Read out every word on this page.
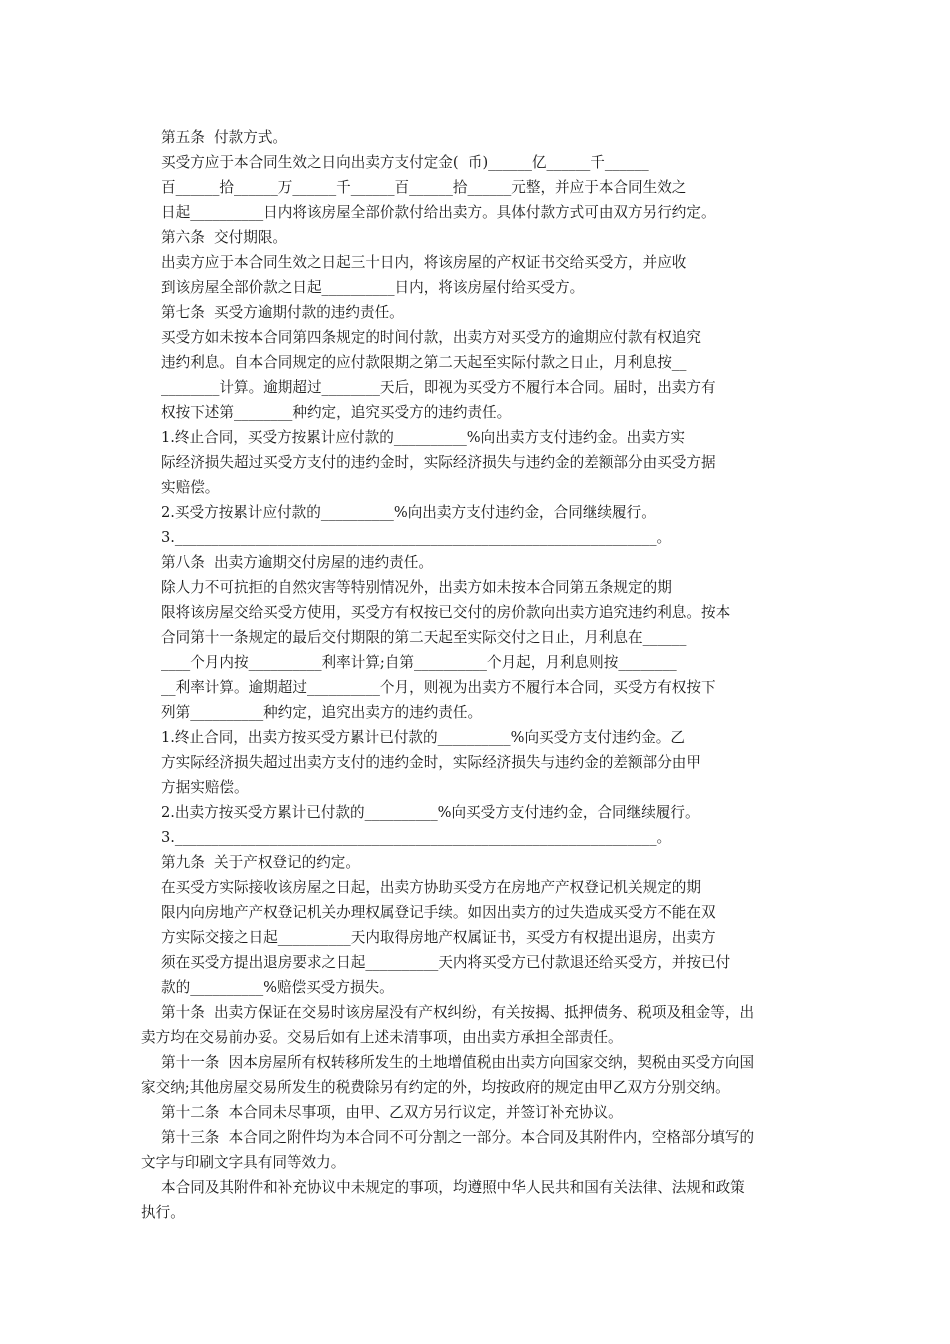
第五条  付款方式。
买受方应于本合同生效之日向出卖方支付定金(  币)______亿______千______
百______拾______万______千______百______拾______元整，并应于本合同生效之
日起__________日内将该房屋全部价款付给出卖方。具体付款方式可由双方另行约定。
第六条  交付期限。
出卖方应于本合同生效之日起三十日内，将该房屋的产权证书交给买受方，并应收
到该房屋全部价款之日起__________日内，将该房屋付给买受方。
第七条  买受方逾期付款的违约责任。
买受方如未按本合同第四条规定的时间付款，出卖方对买受方的逾期应付款有权追究
违约利息。自本合同规定的应付款限期之第二天起至实际付款之日止，月利息按__
________计算。逾期超过________天后，即视为买受方不履行本合同。届时，出卖方有
权按下述第________种约定，追究买受方的违约责任。
1.终止合同，买受方按累计应付款的__________%向出卖方支付违约金。出卖方实
际经济损失超过买受方支付的违约金时，实际经济损失与违约金的差额部分由买受方据
实赔偿。
2.买受方按累计应付款的__________%向出卖方支付违约金，合同继续履行。
3.__________________________________________________________________。
第八条  出卖方逾期交付房屋的违约责任。
除人力不可抗拒的自然灾害等特别情况外，出卖方如未按本合同第五条规定的期
限将该房屋交给买受方使用，买受方有权按已交付的房价款向出卖方追究违约利息。按本
合同第十一条规定的最后交付期限的第二天起至实际交付之日止，月利息在______
____个月内按__________利率计算;自第__________个月起，月利息则按________
__利率计算。逾期超过__________个月，则视为出卖方不履行本合同，买受方有权按下
列第__________种约定，追究出卖方的违约责任。
1.终止合同，出卖方按买受方累计已付款的__________%向买受方支付违约金。乙
方实际经济损失超过出卖方支付的违约金时，实际经济损失与违约金的差额部分由甲
方据实赔偿。
2.出卖方按买受方累计已付款的__________%向买受方支付违约金，合同继续履行。
3.__________________________________________________________________。
第九条  关于产权登记的约定。
在买受方实际接收该房屋之日起，出卖方协助买受方在房地产产权登记机关规定的期
限内向房地产产权登记机关办理权属登记手续。如因出卖方的过失造成买受方不能在双
方实际交接之日起__________天内取得房地产权属证书，买受方有权提出退房，出卖方
须在买受方提出退房要求之日起__________天内将买受方已付款退还给买受方，并按已付
款的__________%赔偿买受方损失。
第十条  出卖方保证在交易时该房屋没有产权纠纷，有关按揭、抵押债务、税项及租金等，出
卖方均在交易前办妥。交易后如有上述未清事项，由出卖方承担全部责任。
第十一条  因本房屋所有权转移所发生的土地增值税由出卖方向国家交纳，契税由买受方向国
家交纳;其他房屋交易所发生的税费除另有约定的外，均按政府的规定由甲乙双方分别交纳。
第十二条  本合同未尽事项，由甲、乙双方另行议定，并签订补充协议。
第十三条  本合同之附件均为本合同不可分割之一部分。本合同及其附件内，空格部分填写的
文字与印刷文字具有同等效力。
本合同及其附件和补充协议中未规定的事项，均遵照中华人民共和国有关法律、法规和政策
执行。
